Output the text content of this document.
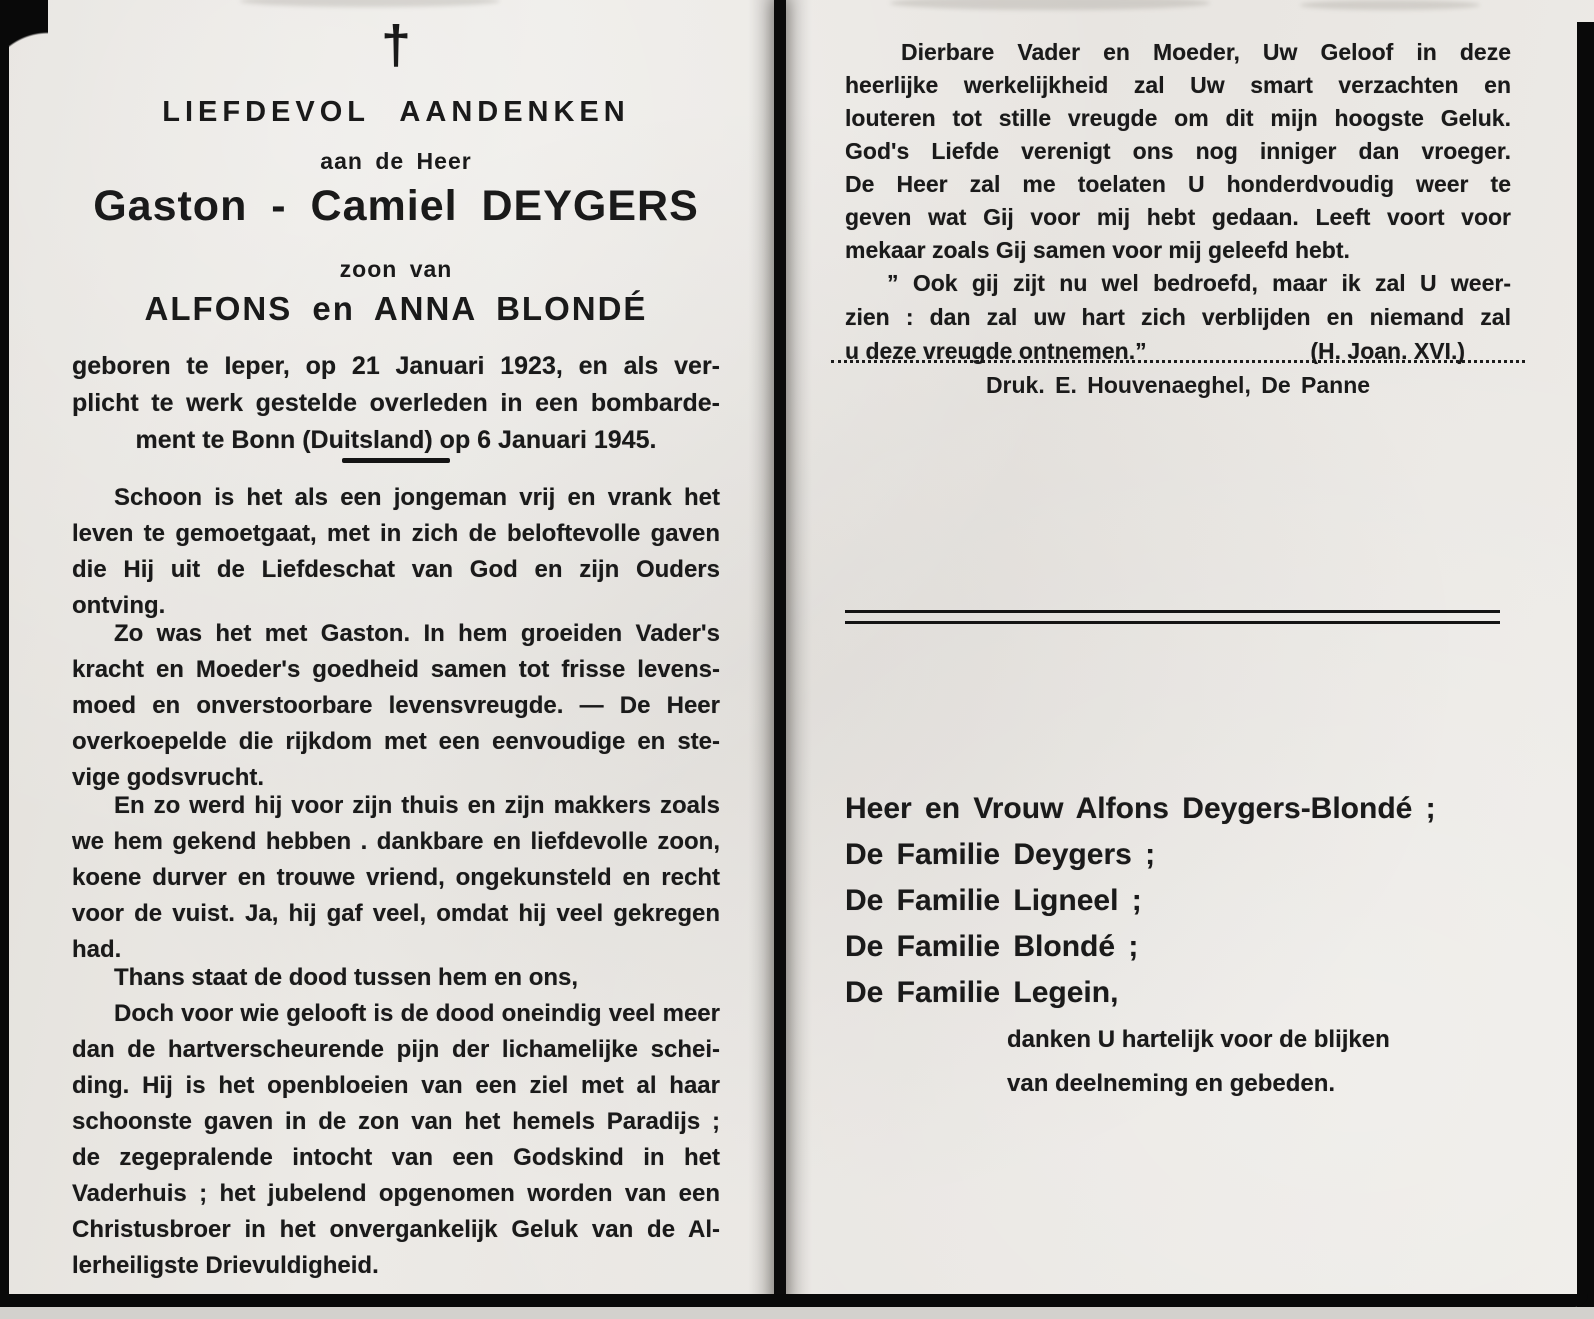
†
LIEFDEVOL AANDENKEN
aan de Heer
Gaston - Camiel DEYGERS
zoon van
ALFONS en ANNA BLONDÉ
geboren te Ieper, op 21 Januari 1923, en als ver-
plicht te werk gestelde overleden in een bombarde-
ment te Bonn (Duitsland) op 6 Januari 1945.
Schoon is het als een jongeman vrij en vrank het
leven te gemoetgaat, met in zich de beloftevolle gaven
die Hij uit de Liefdeschat van God en zijn Ouders
ontving.
Zo was het met Gaston. In hem groeiden Vader's
kracht en Moeder's goedheid samen tot frisse levens-
moed en onverstoorbare levensvreugde. — De Heer
overkoepelde die rijkdom met een eenvoudige en ste-
vige godsvrucht.
En zo werd hij voor zijn thuis en zijn makkers zoals
we hem gekend hebben . dankbare en liefdevolle zoon,
koene durver en trouwe vriend, ongekunsteld en recht
voor de vuist. Ja, hij gaf veel, omdat hij veel gekregen
had.
Thans staat de dood tussen hem en ons,
Doch voor wie gelooft is de dood oneindig veel meer
dan de hartverscheurende pijn der lichamelijke schei-
ding. Hij is het openbloeien van een ziel met al haar
schoonste gaven in de zon van het hemels Paradijs ;
de zegepralende intocht van een Godskind in het
Vaderhuis ; het jubelend opgenomen worden van een
Christusbroer in het onvergankelijk Geluk van de Al-
lerheiligste Drievuldigheid.
Dierbare Vader en Moeder, Uw Geloof in deze
heerlijke werkelijkheid zal Uw smart verzachten en
louteren tot stille vreugde om dit mijn hoogste Geluk.
God's Liefde verenigt ons nog inniger dan vroeger.
De Heer zal me toelaten U honderdvoudig weer te
geven wat Gij voor mij hebt gedaan. Leeft voort voor
mekaar zoals Gij samen voor mij geleefd hebt.
” Ook gij zijt nu wel bedroefd, maar ik zal U weer-
zien : dan zal uw hart zich verblijden en niemand zal
u deze vreugde ontnemen.”	(H. Joan. XVI.)
Druk. E. Houvenaeghel, De Panne
Heer en Vrouw Alfons Deygers-Blondé ;
De Familie Deygers ;
De Familie Ligneel ;
De Familie Blondé ;
De Familie Legein,
danken U hartelijk voor de blijken
van deelneming en gebeden.
